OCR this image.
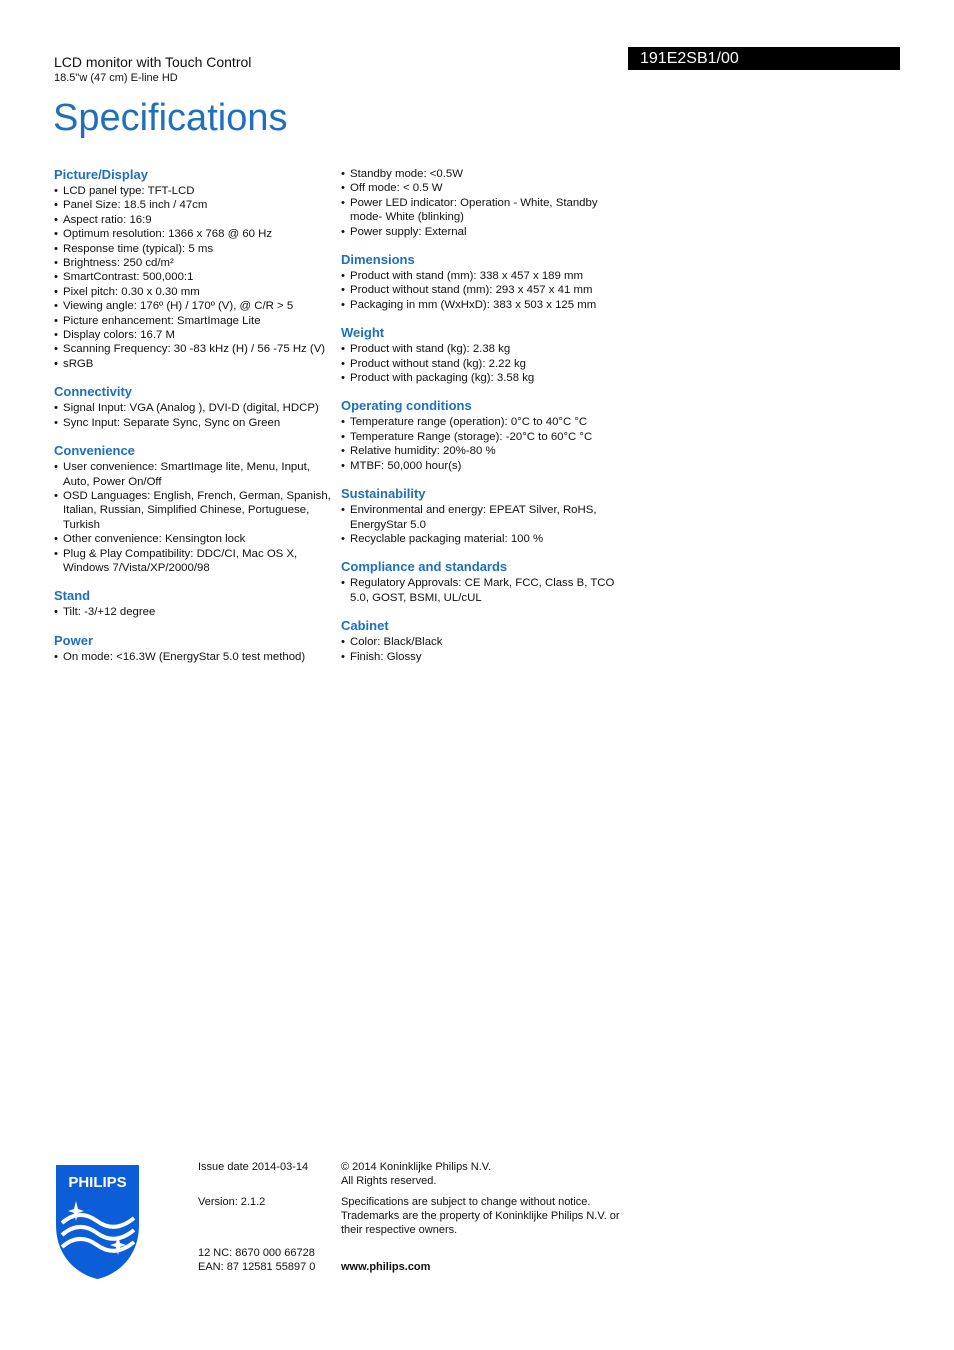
LCD monitor with Touch Control
18.5"w (47 cm) E-line HD
191E2SB1/00
Specifications
Picture/Display
• LCD panel type: TFT-LCD
• Panel Size: 18.5 inch / 47cm
• Aspect ratio: 16:9
• Optimum resolution: 1366 x 768 @ 60 Hz
• Response time (typical): 5 ms
• Brightness: 250 cd/m²
• SmartContrast: 500,000:1
• Pixel pitch: 0.30 x 0.30 mm
• Viewing angle: 176º (H) / 170º (V), @ C/R > 5
• Picture enhancement: SmartImage Lite
• Display colors: 16.7 M
• Scanning Frequency: 30 -83 kHz (H) / 56 -75 Hz (V)
• sRGB
Connectivity
• Signal Input: VGA (Analog ), DVI-D (digital, HDCP)
• Sync Input: Separate Sync, Sync on Green
Convenience
• User convenience: SmartImage lite, Menu, Input, Auto, Power On/Off
• OSD Languages: English, French, German, Spanish, Italian, Russian, Simplified Chinese, Portuguese, Turkish
• Other convenience: Kensington lock
• Plug & Play Compatibility: DDC/CI, Mac OS X, Windows 7/Vista/XP/2000/98
Stand
• Tilt: -3/+12 degree
Power
• On mode: <16.3W (EnergyStar 5.0 test method)
• Standby mode: <0.5W
• Off mode: < 0.5 W
• Power LED indicator: Operation - White, Standby mode- White (blinking)
• Power supply: External
Dimensions
• Product with stand (mm): 338 x 457 x 189 mm
• Product without stand (mm): 293 x 457 x 41 mm
• Packaging in mm (WxHxD): 383 x 503 x 125 mm
Weight
• Product with stand (kg): 2.38 kg
• Product without stand (kg): 2.22 kg
• Product with packaging (kg): 3.58 kg
Operating conditions
• Temperature range (operation): 0°C to 40°C °C
• Temperature Range (storage): -20°C to 60°C °C
• Relative humidity: 20%-80 %
• MTBF: 50,000 hour(s)
Sustainability
• Environmental and energy: EPEAT Silver, RoHS, EnergyStar 5.0
• Recyclable packaging material: 100 %
Compliance and standards
• Regulatory Approvals: CE Mark, FCC, Class B, TCO 5.0, GOST, BSMI, UL/cUL
Cabinet
• Color: Black/Black
• Finish: Glossy
PHILIPS
Issue date 2014-03-14
Version: 2.1.2
12 NC: 8670 000 66728
EAN: 87 12581 55897 0
© 2014 Koninklijke Philips N.V.
All Rights reserved.
Specifications are subject to change without notice. Trademarks are the property of Koninklijke Philips N.V. or their respective owners.
www.philips.com
